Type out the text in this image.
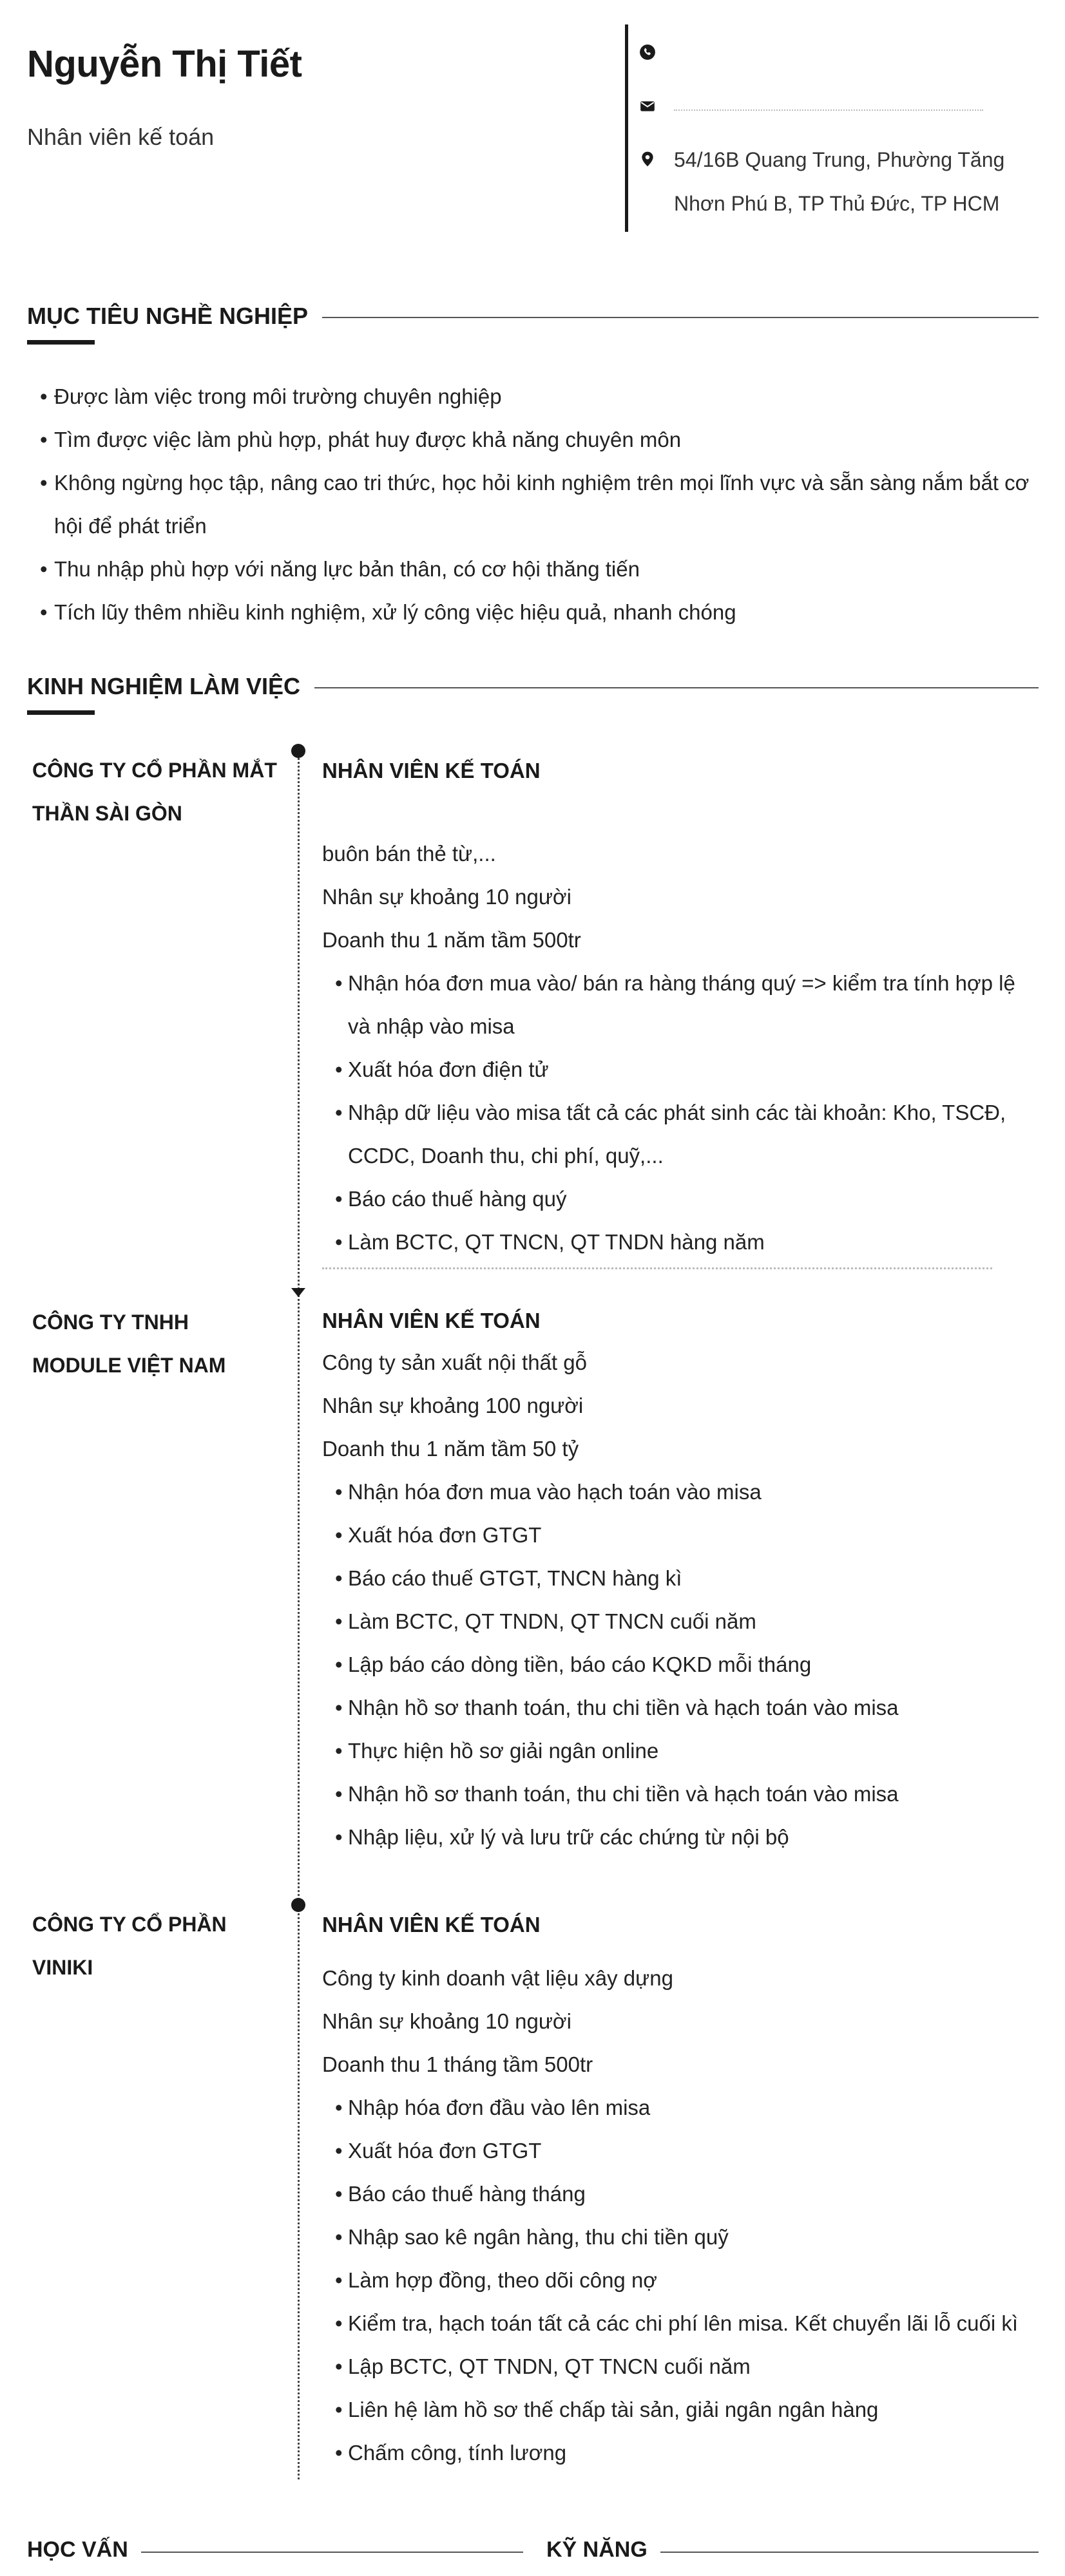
Nguyễn Thị Tiết
Nhân viên kế toán
54/16B Quang Trung, Phường Tăng Nhơn Phú B, TP Thủ Đức, TP HCM
MỤC TIÊU NGHỀ NGHIỆP
• Được làm việc trong môi trường chuyên nghiệp
• Tìm được việc làm phù hợp, phát huy được khả năng chuyên môn
• Không ngừng học tập, nâng cao tri thức, học hỏi kinh nghiệm trên mọi lĩnh vực và sẵn sàng nắm bắt cơ hội để phát triển
• Thu nhập phù hợp với năng lực bản thân, có cơ hội thăng tiến
• Tích lũy thêm nhiều kinh nghiệm, xử lý công việc hiệu quả, nhanh chóng
KINH NGHIỆM LÀM VIỆC
CÔNG TY CỔ PHẦN MẮT THẦN SÀI GÒN
NHÂN VIÊN KẾ TOÁN
buôn bán thẻ từ,...
Nhân sự khoảng 10 người
Doanh thu 1 năm tầm 500tr
• Nhận hóa đơn mua vào/ bán ra hàng tháng quý => kiểm tra tính hợp lệ và nhập vào misa
• Xuất hóa đơn điện tử
• Nhập dữ liệu vào misa tất cả các phát sinh các tài khoản: Kho, TSCĐ, CCDC, Doanh thu, chi phí, quỹ,...
• Báo cáo thuế hàng quý
• Làm BCTC, QT TNCN, QT TNDN hàng năm
CÔNG TY TNHH MODULE VIỆT NAM
NHÂN VIÊN KẾ TOÁN
Công ty sản xuất nội thất gỗ
Nhân sự khoảng 100 người
Doanh thu 1 năm tầm 50 tỷ
• Nhận hóa đơn mua vào hạch toán vào misa
• Xuất hóa đơn GTGT
• Báo cáo thuế GTGT, TNCN hàng kì
• Làm BCTC, QT TNDN, QT TNCN cuối năm
• Lập báo cáo dòng tiền, báo cáo KQKD mỗi tháng
• Nhận hồ sơ thanh toán, thu chi tiền và hạch toán vào misa
• Thực hiện hồ sơ giải ngân online
• Nhận hồ sơ thanh toán, thu chi tiền và hạch toán vào misa
• Nhập liệu, xử lý và lưu trữ các chứng từ nội bộ
CÔNG TY CỔ PHẦN VINIKI
NHÂN VIÊN KẾ TOÁN
Công ty kinh doanh vật liệu xây dựng
Nhân sự khoảng 10 người
Doanh thu 1 tháng tầm 500tr
• Nhập hóa đơn đầu vào lên misa
• Xuất hóa đơn GTGT
• Báo cáo thuế hàng tháng
• Nhập sao kê ngân hàng, thu chi tiền quỹ
• Làm hợp đồng, theo dõi công nợ
• Kiểm tra, hạch toán tất cả các chi phí lên misa. Kết chuyển lãi lỗ cuối kì
• Lập BCTC, QT TNDN, QT TNCN cuối năm
• Liên hệ làm hồ sơ thế chấp tài sản, giải ngân ngân hàng
• Chấm công, tính lương
HỌC VẤN	KỸ NĂNG
